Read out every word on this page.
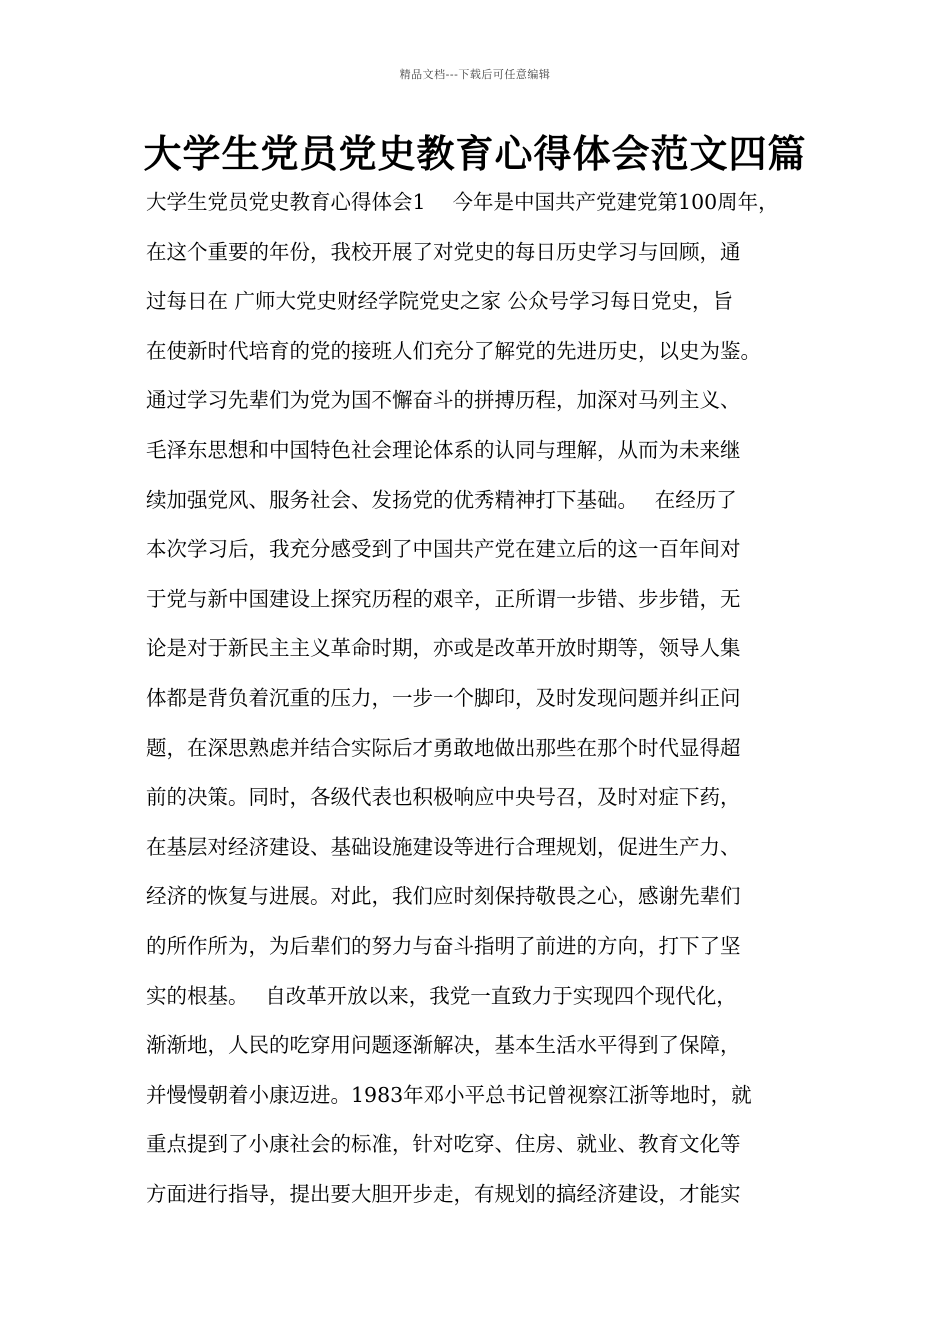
精品文档---下载后可任意编辑
大学生党员党史教育心得体会范文四篇
大学生党员党史教育心得体会1　 今年是中国共产党建党第100周年，
在这个重要的年份，我校开展了对党史的每日历史学习与回顾，通
过每日在 广师大党史财经学院党史之家 公众号学习每日党史，旨
在使新时代培育的党的接班人们充分了解党的先进历史，以史为鉴。
通过学习先辈们为党为国不懈奋斗的拼搏历程，加深对马列主义、
毛泽东思想和中国特色社会理论体系的认同与理解，从而为未来继
续加强党风、服务社会、发扬党的优秀精神打下基础。　 在经历了
本次学习后，我充分感受到了中国共产党在建立后的这一百年间对
于党与新中国建设上探究历程的艰辛，正所谓一步错、步步错，无
论是对于新民主主义革命时期，亦或是改革开放时期等，领导人集
体都是背负着沉重的压力，一步一个脚印，及时发现问题并纠正问
题，在深思熟虑并结合实际后才勇敢地做出那些在那个时代显得超
前的决策。同时，各级代表也积极响应中央号召，及时对症下药，
在基层对经济建设、基础设施建设等进行合理规划，促进生产力、
经济的恢复与进展。对此，我们应时刻保持敬畏之心，感谢先辈们
的所作所为，为后辈们的努力与奋斗指明了前进的方向，打下了坚
实的根基。　 自改革开放以来，我党一直致力于实现四个现代化，
渐渐地，人民的吃穿用问题逐渐解决，基本生活水平得到了保障，
并慢慢朝着小康迈进。1983年邓小平总书记曾视察江浙等地时，就
重点提到了小康社会的标准，针对吃穿、住房、就业、教育文化等
方面进行指导，提出要大胆开步走，有规划的搞经济建设，才能实
